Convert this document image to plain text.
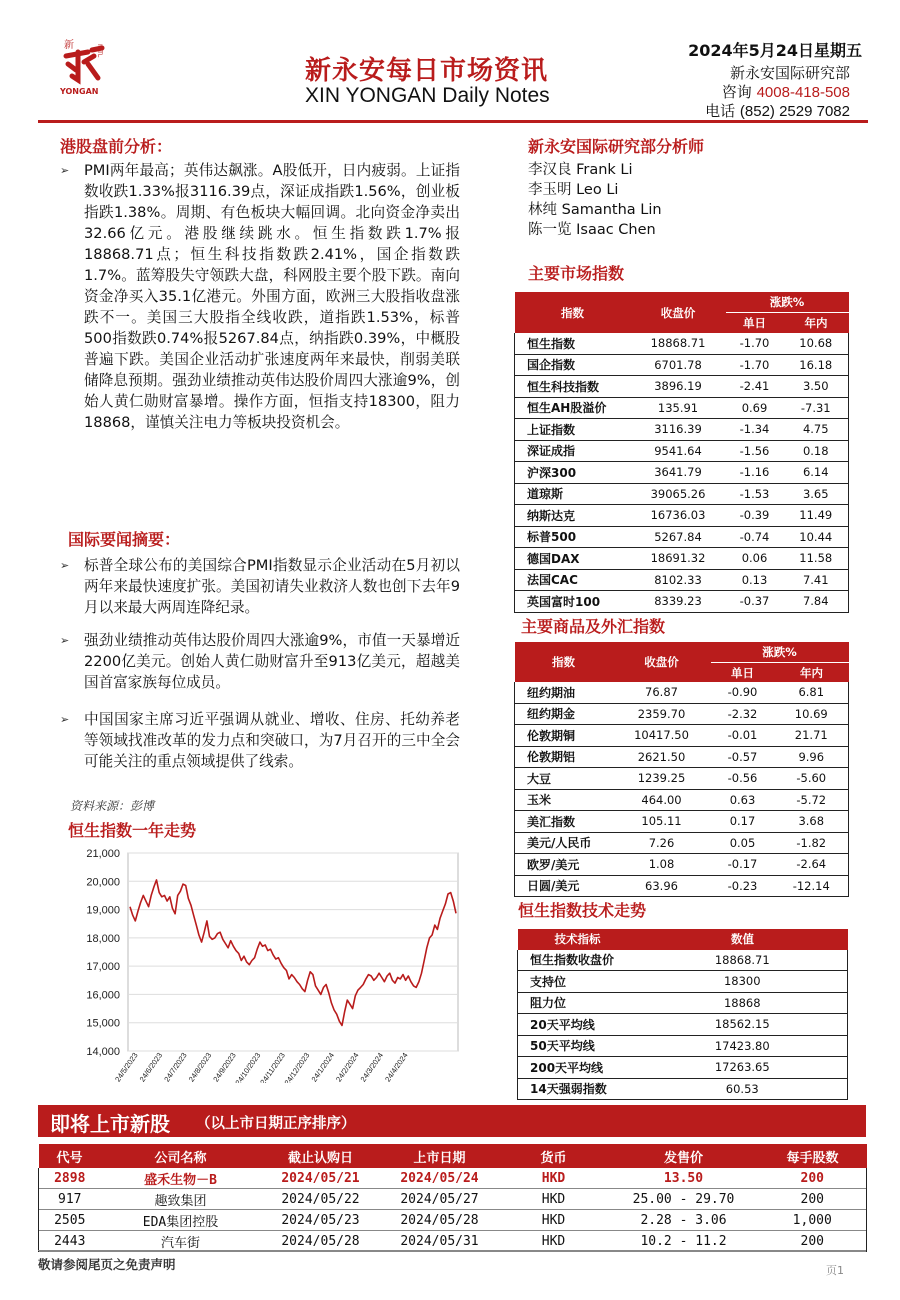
新	INTL
YONGAN
新永安每日市场资讯
XIN YONGAN Daily Notes
2024年5月24日星期五
新永安国际研究部
咨询 4008-418-508
电话 (852) 2529 7082
港股盘前分析：
➢ PMI两年最高；英伟达飙涨。A股低开，日内疲弱。上证指数收跌1.33%报3116.39点，深证成指跌1.56%，创业板指跌1.38%。周期、有色板块大幅回调。北向资金净卖出32.66亿元。港股继续跳水。恒生指数跌1.7%报18868.71点；恒生科技指数跌2.41%，国企指数跌1.7%。蓝筹股失守领跌大盘，科网股主要个股下跌。南向资金净买入35.1亿港元。外围方面，欧洲三大股指收盘涨跌不一。美国三大股指全线收跌，道指跌1.53%，标普500指数跌0.74%报5267.84点，纳指跌0.39%，中概股普遍下跌。美国企业活动扩张速度两年来最快，削弱美联储降息预期。强劲业绩推动英伟达股价周四大涨逾9%，创始人黄仁勋财富暴增。操作方面，恒指支持18300，阻力18868，谨慎关注电力等板块投资机会。
国际要闻摘要：
➢ 标普全球公布的美国综合PMI指数显示企业活动在5月初以两年来最快速度扩张。美国初请失业救济人数也创下去年9月以来最大两周连降纪录。
➢ 强劲业绩推动英伟达股价周四大涨逾9%，市值一天暴增近2200亿美元。创始人黄仁勋财富升至913亿美元，超越美国首富家族每位成员。
➢ 中国国家主席习近平强调从就业、增收、住房、托幼养老等领域找准改革的发力点和突破口，为7月召开的三中全会可能关注的重点领域提供了线索。
资料来源：彭博
恒生指数一年走势
14,000
15,000
16,000
17,000
18,000
19,000
20,000
21,000
24/5/2023
24/6/2023
24/7/2023
24/8/2023
24/9/2023
24/10/2023
24/11/2023
24/12/2023
24/1/2024
24/2/2024
24/3/2024
24/4/2024
新永安国际研究部分析师
李汉良 Frank Li
李玉明 Leo Li
林纯 Samantha Lin
陈一览 Isaac Chen
主要市场指数
指数	收盘价	涨跌%	
		单日	年内
恒生指数	18868.71	-1.70	10.68
国企指数	6701.78	-1.70	16.18
恒生科技指数	3896.19	-2.41	3.50
恒生AH股溢价	135.91	0.69	-7.31
上证指数	3116.39	-1.34	4.75
深证成指	9541.64	-1.56	0.18
沪深300	3641.79	-1.16	6.14
道琼斯	39065.26	-1.53	3.65
纳斯达克	16736.03	-0.39	11.49
标普500	5267.84	-0.74	10.44
德国DAX	18691.32	0.06	11.58
法国CAC	8102.33	0.13	7.41
英国富时100	8339.23	-0.37	7.84
主要商品及外汇指数
指数	收盘价	涨跌%	
		单日	年内
纽约期油	76.87	-0.90	6.81
纽约期金	2359.70	-2.32	10.69
伦敦期铜	10417.50	-0.01	21.71
伦敦期铝	2621.50	-0.57	9.96
大豆	1239.25	-0.56	-5.60
玉米	464.00	0.63	-5.72
美汇指数	105.11	0.17	3.68
美元/人民币	7.26	0.05	-1.82
欧罗/美元	1.08	-0.17	-2.64
日圆/美元	63.96	-0.23	-12.14
恒生指数技术走势
技术指标	数值
恒生指数收盘价	18868.71
支持位	18300
阻力位	18868
20天平均线	18562.15
50天平均线	17423.80
200天平均线	17263.65
14天强弱指数	60.53
即将上市新股 （以上市日期正序排序）
代号	公司名称	截止认购日	上市日期	货币	发售价	每手股数
2898	盛禾生物－B	2024/05/21	2024/05/24	HKD	13.50	200
917	趣致集团	2024/05/22	2024/05/27	HKD	25.00 - 29.70	200
2505	EDA集团控股	2024/05/23	2024/05/28	HKD	2.28 - 3.06	1,000
2443	汽车街	2024/05/28	2024/05/31	HKD	10.2 - 11.2	200
敬请参阅尾页之免责声明	页1
